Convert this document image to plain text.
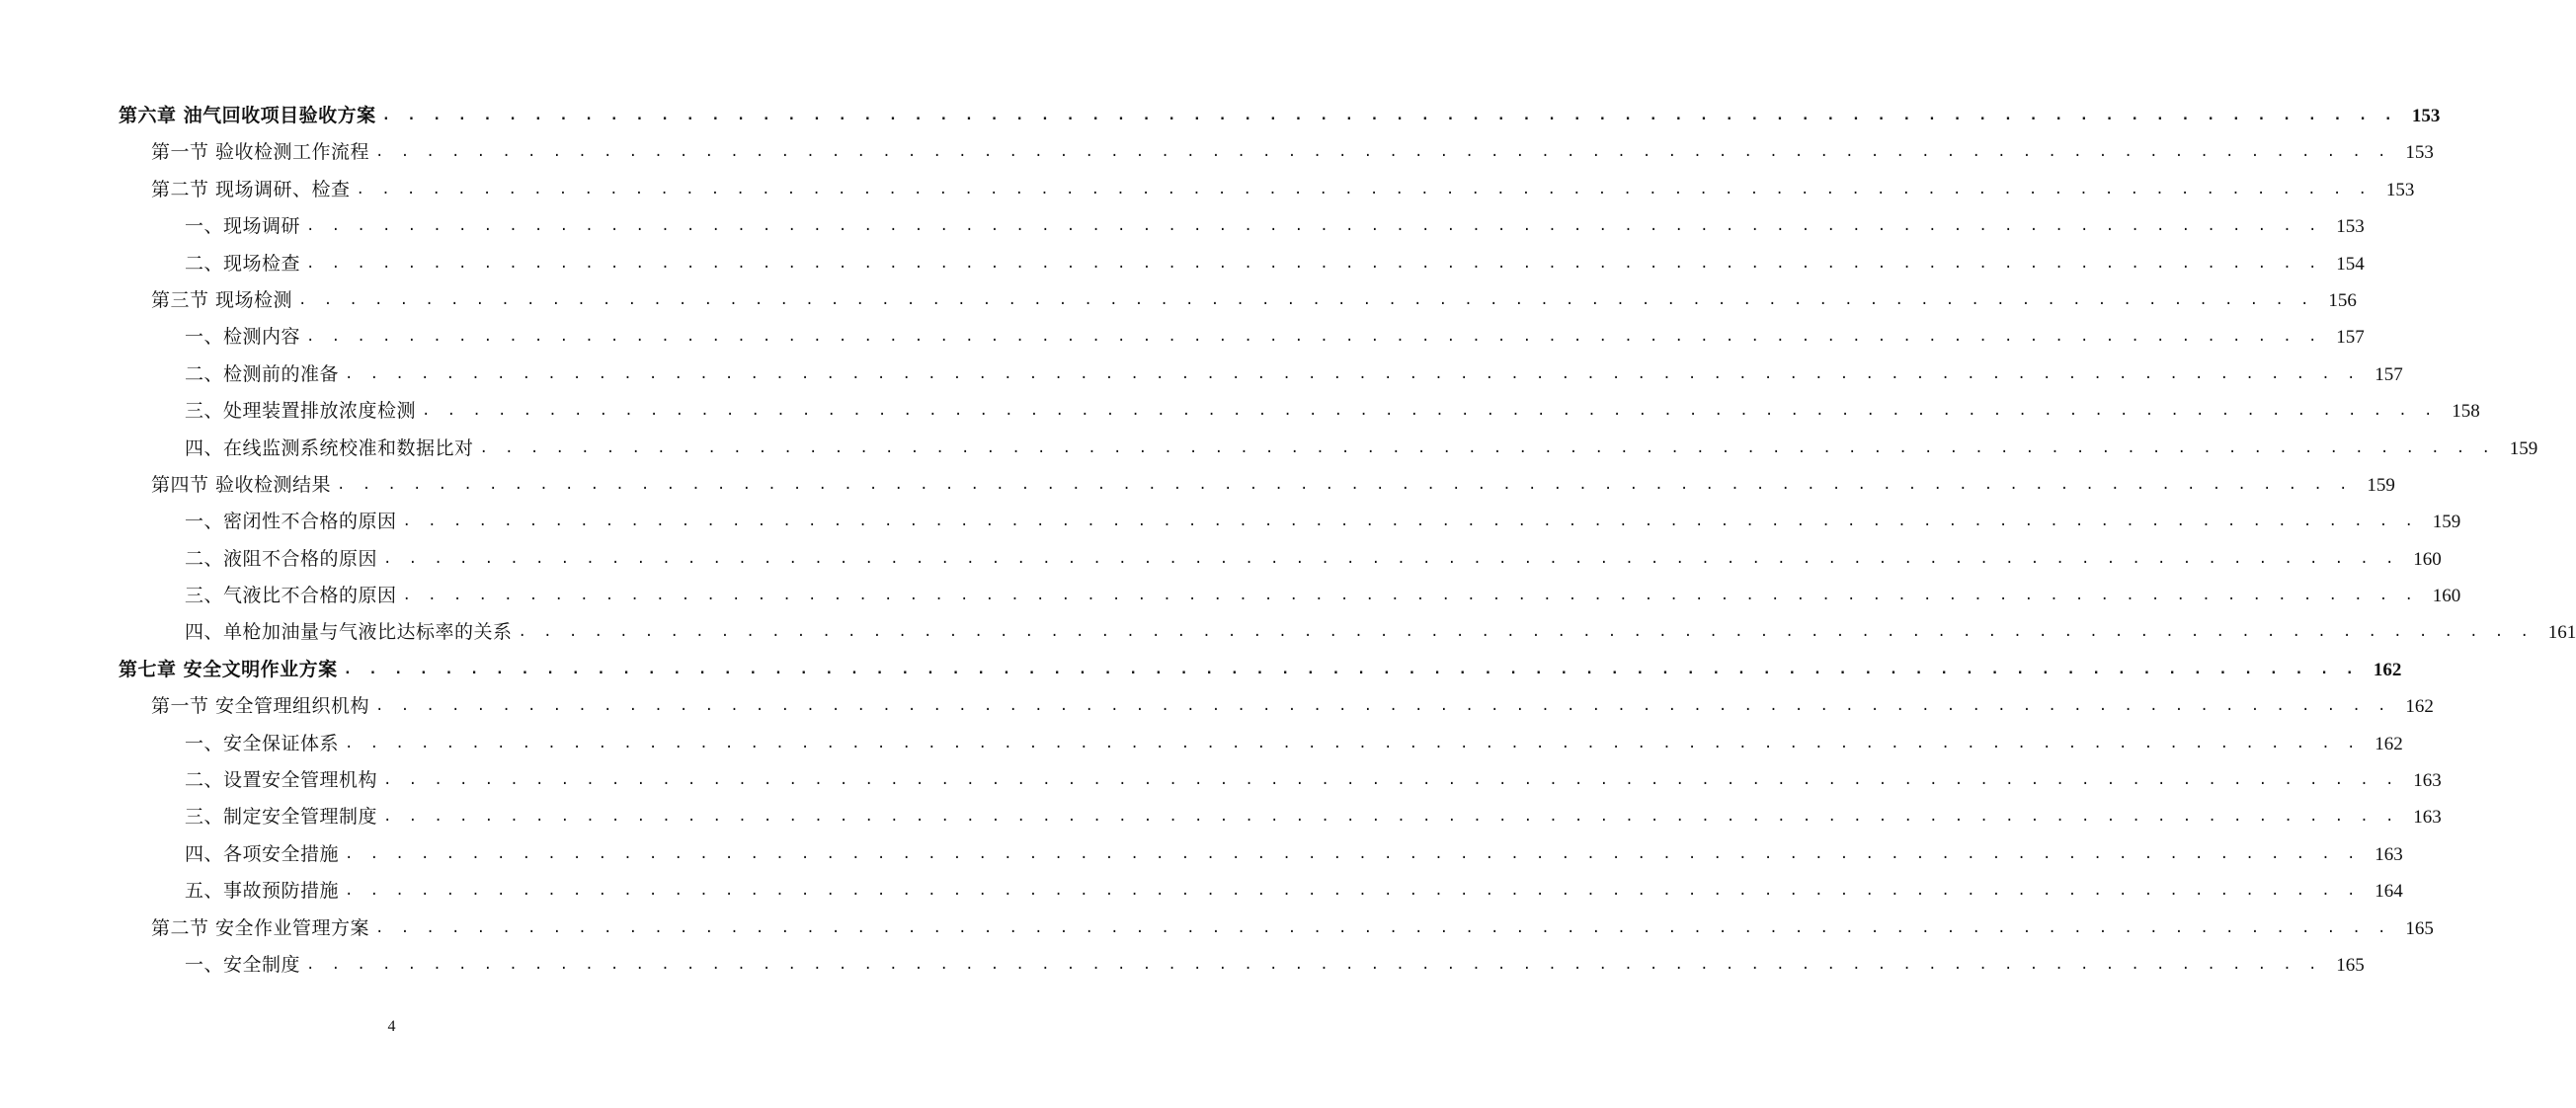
第六章 油气回收项目验收方案 . . . . . . . . . . . . . . . . . . . . . . . . . . . . . . . . . . . . . . . . . . . . . . . . . . . . . . . . . . . . . . . . . . . . . . . . . . . . . . . . 153
第一节 验收检测工作流程 . . . . . . . . . . . . . . . . . . . . . . . . . . . . . . . . . . . . . . . . . . . . . . . . . . . . . . . . . . . . . . . . . . . . . . . . . . . . . . . . 153
第二节 现场调研、检查 . . . . . . . . . . . . . . . . . . . . . . . . . . . . . . . . . . . . . . . . . . . . . . . . . . . . . . . . . . . . . . . . . . . . . . . . . . . . . . . . 153
一、现场调研 . . . . . . . . . . . . . . . . . . . . . . . . . . . . . . . . . . . . . . . . . . . . . . . . . . . . . . . . . . . . . . . . . . . . . . . . . . . . . . . . 153
二、现场检查 . . . . . . . . . . . . . . . . . . . . . . . . . . . . . . . . . . . . . . . . . . . . . . . . . . . . . . . . . . . . . . . . . . . . . . . . . . . . . . . . 154
第三节 现场检测 . . . . . . . . . . . . . . . . . . . . . . . . . . . . . . . . . . . . . . . . . . . . . . . . . . . . . . . . . . . . . . . . . . . . . . . . . . . . . . . . 156
一、检测内容 . . . . . . . . . . . . . . . . . . . . . . . . . . . . . . . . . . . . . . . . . . . . . . . . . . . . . . . . . . . . . . . . . . . . . . . . . . . . . . . . 157
二、检测前的准备 . . . . . . . . . . . . . . . . . . . . . . . . . . . . . . . . . . . . . . . . . . . . . . . . . . . . . . . . . . . . . . . . . . . . . . . . . . . . . . . . 157
三、处理装置排放浓度检测 . . . . . . . . . . . . . . . . . . . . . . . . . . . . . . . . . . . . . . . . . . . . . . . . . . . . . . . . . . . . . . . . . . . . . . . . . . . . . . . . 158
四、在线监测系统校准和数据比对 . . . . . . . . . . . . . . . . . . . . . . . . . . . . . . . . . . . . . . . . . . . . . . . . . . . . . . . . . . . . . . . . . . . . . . . . . . . . . . . . 159
第四节 验收检测结果 . . . . . . . . . . . . . . . . . . . . . . . . . . . . . . . . . . . . . . . . . . . . . . . . . . . . . . . . . . . . . . . . . . . . . . . . . . . . . . . . 159
一、密闭性不合格的原因 . . . . . . . . . . . . . . . . . . . . . . . . . . . . . . . . . . . . . . . . . . . . . . . . . . . . . . . . . . . . . . . . . . . . . . . . . . . . . . . . 159
二、液阻不合格的原因 . . . . . . . . . . . . . . . . . . . . . . . . . . . . . . . . . . . . . . . . . . . . . . . . . . . . . . . . . . . . . . . . . . . . . . . . . . . . . . . . 160
三、气液比不合格的原因 . . . . . . . . . . . . . . . . . . . . . . . . . . . . . . . . . . . . . . . . . . . . . . . . . . . . . . . . . . . . . . . . . . . . . . . . . . . . . . . . 160
四、单枪加油量与气液比达标率的关系 . . . . . . . . . . . . . . . . . . . . . . . . . . . . . . . . . . . . . . . . . . . . . . . . . . . . . . . . . . . . . . . . . . . . . . . . . . . . . . . . 161
第七章 安全文明作业方案 . . . . . . . . . . . . . . . . . . . . . . . . . . . . . . . . . . . . . . . . . . . . . . . . . . . . . . . . . . . . . . . . . . . . . . . . . . . . . . . . 162
第一节 安全管理组织机构 . . . . . . . . . . . . . . . . . . . . . . . . . . . . . . . . . . . . . . . . . . . . . . . . . . . . . . . . . . . . . . . . . . . . . . . . . . . . . . . . 162
一、安全保证体系 . . . . . . . . . . . . . . . . . . . . . . . . . . . . . . . . . . . . . . . . . . . . . . . . . . . . . . . . . . . . . . . . . . . . . . . . . . . . . . . . 162
二、设置安全管理机构 . . . . . . . . . . . . . . . . . . . . . . . . . . . . . . . . . . . . . . . . . . . . . . . . . . . . . . . . . . . . . . . . . . . . . . . . . . . . . . . . 163
三、制定安全管理制度 . . . . . . . . . . . . . . . . . . . . . . . . . . . . . . . . . . . . . . . . . . . . . . . . . . . . . . . . . . . . . . . . . . . . . . . . . . . . . . . . 163
四、各项安全措施 . . . . . . . . . . . . . . . . . . . . . . . . . . . . . . . . . . . . . . . . . . . . . . . . . . . . . . . . . . . . . . . . . . . . . . . . . . . . . . . . 163
五、事故预防措施 . . . . . . . . . . . . . . . . . . . . . . . . . . . . . . . . . . . . . . . . . . . . . . . . . . . . . . . . . . . . . . . . . . . . . . . . . . . . . . . . 164
第二节 安全作业管理方案 . . . . . . . . . . . . . . . . . . . . . . . . . . . . . . . . . . . . . . . . . . . . . . . . . . . . . . . . . . . . . . . . . . . . . . . . . . . . . . . . 165
一、安全制度 . . . . . . . . . . . . . . . . . . . . . . . . . . . . . . . . . . . . . . . . . . . . . . . . . . . . . . . . . . . . . . . . . . . . . . . . . . . . . . . . 165
4
